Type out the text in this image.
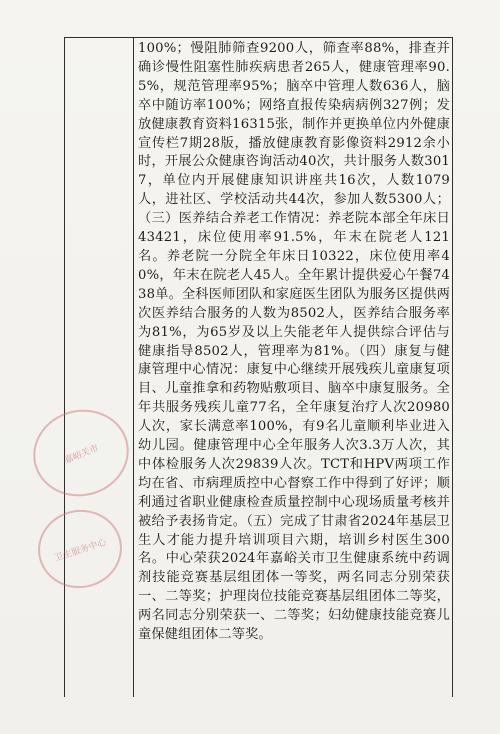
嘉峪关市
卫生服务中心

100%；慢阻肺筛查9200人，筛查率88%，排查并确诊慢性阻塞性肺疾病患者265人，健康管理率90.5%，规范管理率95%；脑卒中管理人数636人，脑卒中随访率100%；网络直报传染病病例327例；发放健康教育资料16315张，制作并更换单位内外健康宣传栏7期28版，播放健康教育影像资料2912余小时，开展公众健康咨询活动40次，共计服务人数3017，单位内开展健康知识讲座共16次，人数1079人，进社区、学校活动共44次，参加人数5300人；（三）医养结合养老工作情况：养老院本部全年床日43421，床位使用率91.5%，年末在院老人121名。养老院一分院全年床日10322，床位使用率40%，年末在院老人45人。全年累计提供爱心午餐7438单。全科医师团队和家庭医生团队为服务区提供两次医养结合服务的人数为8502人，医养结合服务率为81%，为65岁及以上失能老年人提供综合评估与健康指导8502人，管理率为81%。（四）康复与健康管理中心情况：康复中心继续开展残疾儿童康复项目、儿童推拿和药物贴敷项目、脑卒中康复服务。全年共服务残疾儿童77名，全年康复治疗人次20980人次，家长满意率100%，有9名儿童顺利毕业进入幼儿园。健康管理中心全年服务人次3.3万人次，其中体检服务人次29839人次。TCT和HPV两项工作均在省、市病理质控中心督察工作中得到了好评；顺利通过省职业健康检查质量控制中心现场质量考核并被给予表扬肯定。（五）完成了甘肃省2024年基层卫生人才能力提升培训项目六期，培训乡村医生300名。中心荣获2024年嘉峪关市卫生健康系统中药调剂技能竞赛基层组团体一等奖，两名同志分别荣获一、二等奖；护理岗位技能竞赛基层组团体二等奖，两名同志分别荣获一、二等奖；妇幼健康技能竞赛儿童保健组团体二等奖。
